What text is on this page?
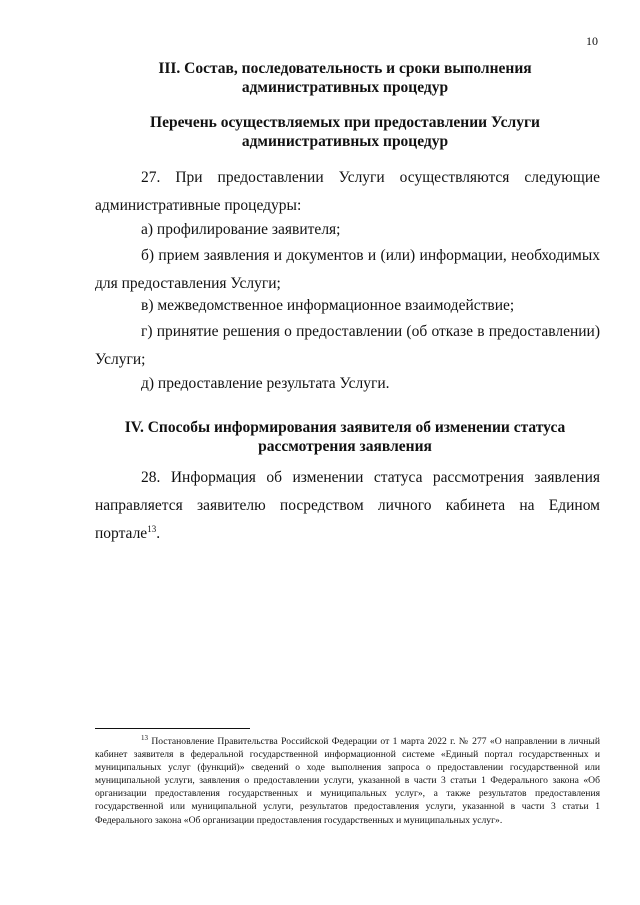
10
III. Состав, последовательность и сроки выполнения
административных процедур
Перечень осуществляемых при предоставлении Услуги
административных процедур
27. При предоставлении Услуги осуществляются следующие
административные процедуры:
а) профилирование заявителя;
б) прием заявления и документов и (или) информации, необходимых
для предоставления Услуги;
в) межведомственное информационное взаимодействие;
г) принятие решения о предоставлении (об отказе в предоставлении)
Услуги;
д) предоставление результата Услуги.
IV. Способы информирования заявителя об изменении статуса
рассмотрения заявления
28. Информация об изменении статуса рассмотрения заявления
направляется заявителю посредством личного кабинета на Едином портале$^{13}$.
$^{13}$ Постановление Правительства Российской Федерации от 1 марта 2022 г. № 277 «О направлении в личный кабинет заявителя в федеральной государственной информационной системе «Единый портал государственных и муниципальных услуг (функций)» сведений о ходе выполнения запроса о предоставлении государственной или муниципальной услуги, заявления о предоставлении услуги, указанной в части 3 статьи 1 Федерального закона «Об организации предоставления государственных и муниципальных услуг», а также результатов предоставления государственной или муниципальной услуги, результатов предоставления услуги, указанной в части 3 статьи 1 Федерального закона «Об организации предоставления государственных и муниципальных услуг».
